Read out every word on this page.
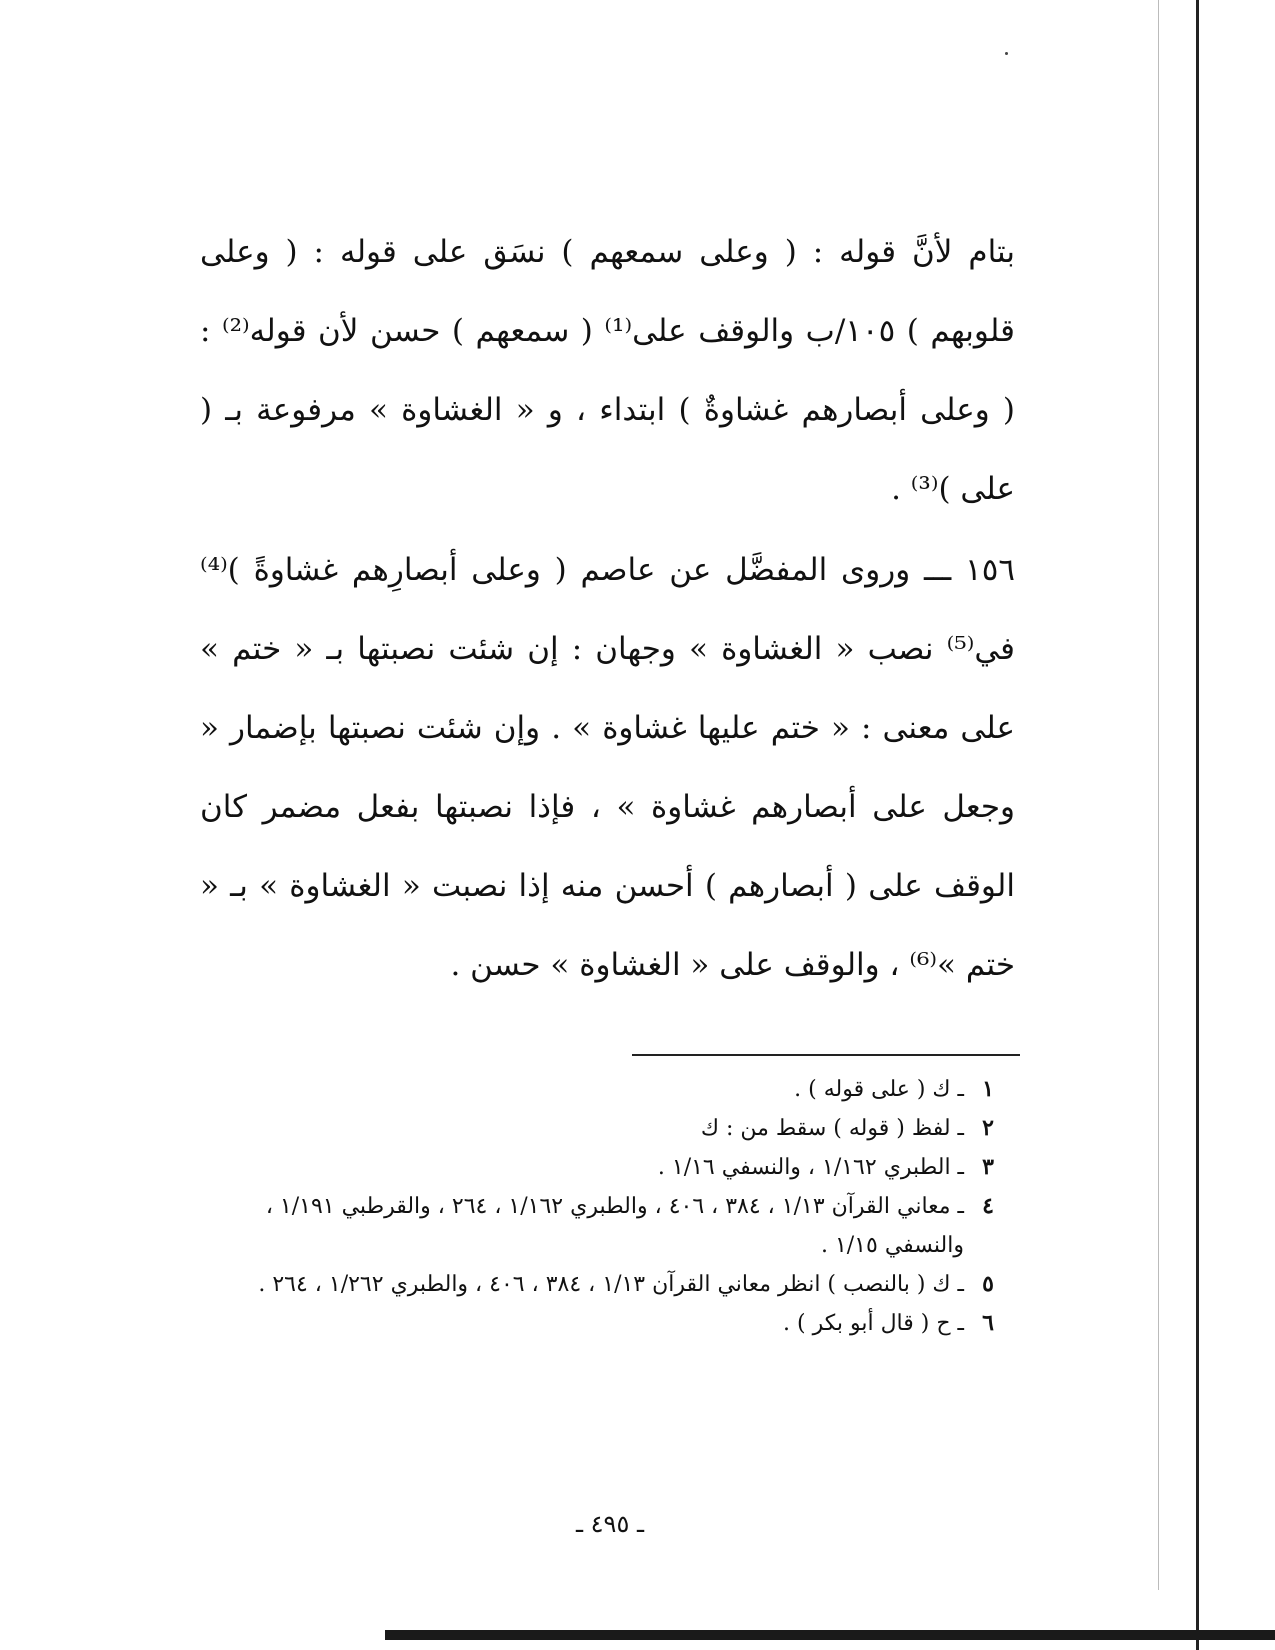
بتام لأنَّ قوله : ( وعلى سمعهم ) نسَق على قوله : ( وعلى قلوبهم ) ١٠٥/ب والوقف على⁽¹⁾ ( سمعهم ) حسن لأن قوله⁽²⁾ : ( وعلى أبصارهم غشاوةٌ ) ابتداء ، و « الغشاوة » مرفوعة بـ ( على )⁽³⁾ .

١٥٦ ـــ وروى المفضَّل عن عاصم ( وعلى أبصارِهم غشاوةً )⁽⁴⁾ في⁽⁵⁾ نصب « الغشاوة » وجهان : إن شئت نصبتها بـ « ختم » على معنى : « ختم عليها غشاوة » . وإن شئت نصبتها بإضمار « وجعل على أبصارهم غشاوة » ، فإذا نصبتها بفعل مضمر كان الوقف على ( أبصارهم ) أحسن منه إذا نصبت « الغشاوة » بـ « ختم »⁽⁶⁾ ، والوقف على « الغشاوة » حسن .

١
ـ ك ( على قوله ) .
٢
ـ لفظ ( قوله ) سقط من : ك
٣
ـ الطبري ١/١٦٢ ، والنسفي ١/١٦ .
٤
ـ معاني القرآن ١/١٣ ، ٣٨٤ ، ٤٠٦ ، والطبري ١/١٦٢ ، ٢٦٤ ، والقرطبي ١/١٩١ ، والنسفي ١/١٥ .
٥
ـ ك ( بالنصب ) انظر معاني القرآن ١/١٣ ، ٣٨٤ ، ٤٠٦ ، والطبري ١/٢٦٢ ، ٢٦٤ .
٦
ـ ح ( قال أبو بكر ) .
ـ ٤٩٥ ـ
